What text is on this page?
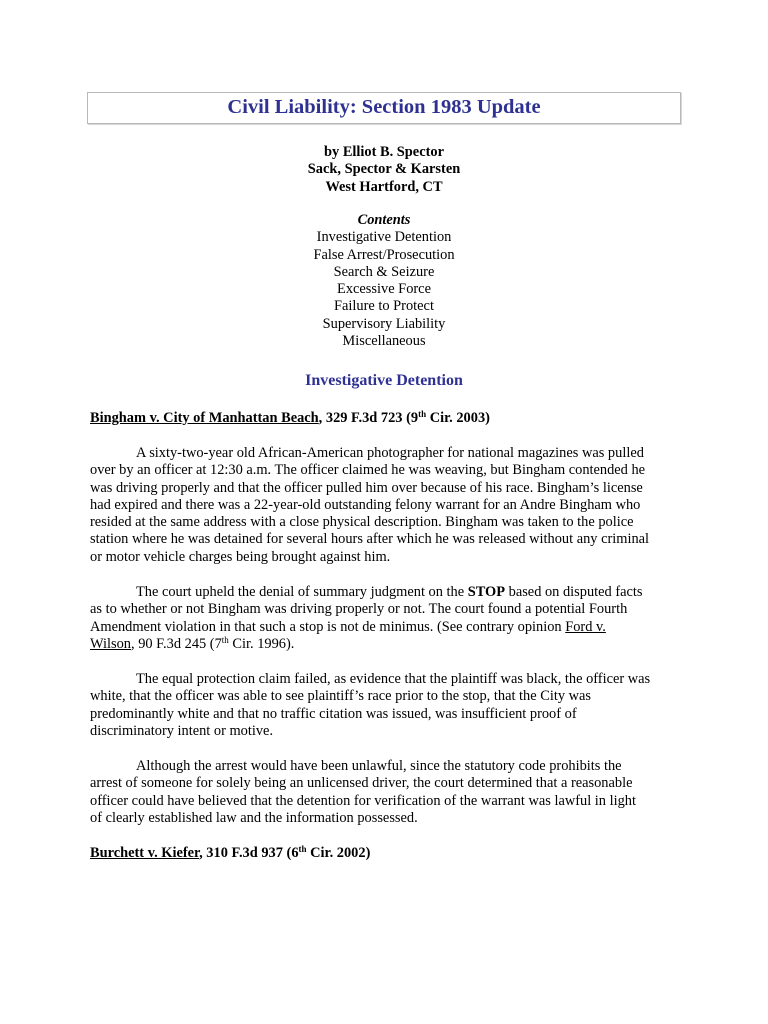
Civil Liability: Section 1983 Update
by Elliot B. Spector
Sack, Spector & Karsten
West Hartford, CT
Contents
Investigative Detention
False Arrest/Prosecution
Search & Seizure
Excessive Force
Failure to Protect
Supervisory Liability
Miscellaneous
Investigative Detention
Bingham v. City of Manhattan Beach, 329 F.3d 723 (9th Cir. 2003)
A sixty-two-year old African-American photographer for national magazines was pulled
over by an officer at 12:30 a.m. The officer claimed he was weaving, but Bingham contended he
was driving properly and that the officer pulled him over because of his race. Bingham’s license
had expired and there was a 22-year-old outstanding felony warrant for an Andre Bingham who
resided at the same address with a close physical description. Bingham was taken to the police
station where he was detained for several hours after which he was released without any criminal
or motor vehicle charges being brought against him.
The court upheld the denial of summary judgment on the STOP based on disputed facts
as to whether or not Bingham was driving properly or not. The court found a potential Fourth
Amendment violation in that such a stop is not de minimus. (See contrary opinion Ford v.
Wilson, 90 F.3d 245 (7th Cir. 1996).
The equal protection claim failed, as evidence that the plaintiff was black, the officer was
white, that the officer was able to see plaintiff’s race prior to the stop, that the City was
predominantly white and that no traffic citation was issued, was insufficient proof of
discriminatory intent or motive.
Although the arrest would have been unlawful, since the statutory code prohibits the
arrest of someone for solely being an unlicensed driver, the court determined that a reasonable
officer could have believed that the detention for verification of the warrant was lawful in light
of clearly established law and the information possessed.
Burchett v. Kiefer, 310 F.3d 937 (6th Cir. 2002)
